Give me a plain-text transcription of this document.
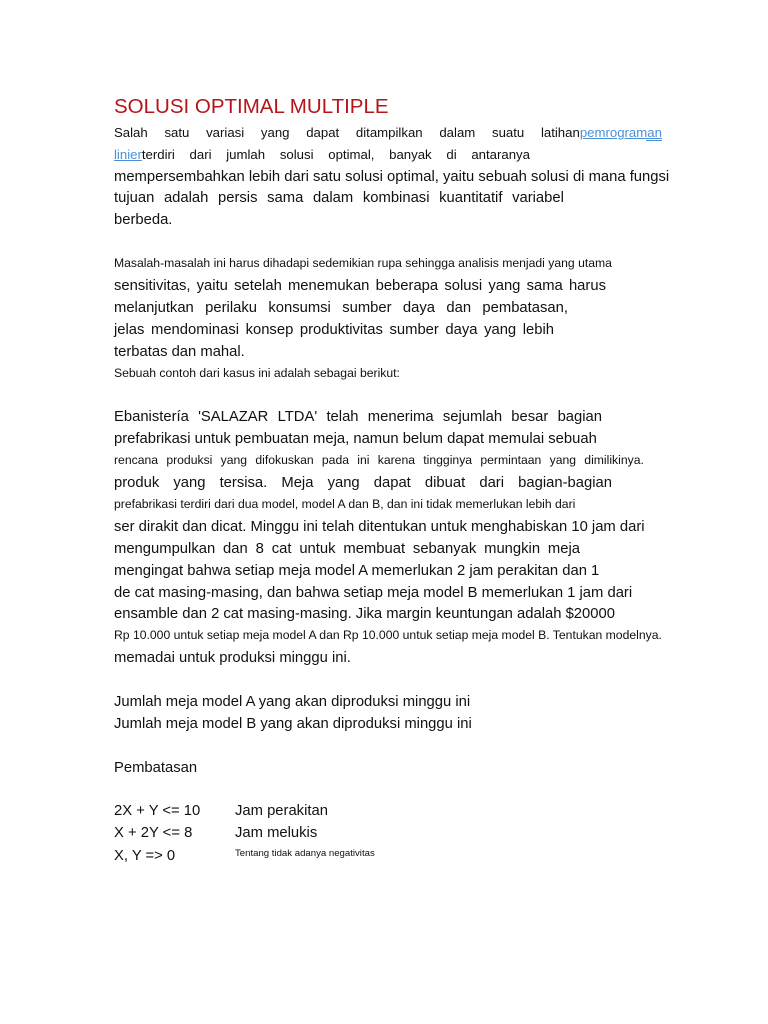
SOLUSI OPTIMAL MULTIPLE
Salah satu variasi yang dapat ditampilkan dalam suatu latihanpemrograman
linierterdiri dari jumlah solusi optimal, banyak di antaranya
mempersembahkan lebih dari satu solusi optimal, yaitu sebuah solusi di mana fungsi
tujuan adalah persis sama dalam kombinasi kuantitatif variabel
berbeda.
Masalah-masalah ini harus dihadapi sedemikian rupa sehingga analisis menjadi yang utama
sensitivitas, yaitu setelah menemukan beberapa solusi yang sama harus
melanjutkan perilaku konsumsi sumber daya dan pembatasan,
jelas mendominasi konsep produktivitas sumber daya yang lebih
terbatas dan mahal.
Sebuah contoh dari kasus ini adalah sebagai berikut:
Ebanistería 'SALAZAR LTDA' telah menerima sejumlah besar bagian
prefabrikasi untuk pembuatan meja, namun belum dapat memulai sebuah
rencana produksi yang difokuskan pada ini karena tingginya permintaan yang dimilikinya.
produk yang tersisa. Meja yang dapat dibuat dari bagian-bagian
prefabrikasi terdiri dari dua model, model A dan B, dan ini tidak memerlukan lebih dari
ser dirakit dan dicat. Minggu ini telah ditentukan untuk menghabiskan 10 jam dari
mengumpulkan dan 8 cat untuk membuat sebanyak mungkin meja
mengingat bahwa setiap meja model A memerlukan 2 jam perakitan dan 1
de cat masing-masing, dan bahwa setiap meja model B memerlukan 1 jam dari
ensamble dan 2 cat masing-masing. Jika margin keuntungan adalah $20000
Rp 10.000 untuk setiap meja model A dan Rp 10.000 untuk setiap meja model B. Tentukan modelnya.
memadai untuk produksi minggu ini.
Jumlah meja model A yang akan diproduksi minggu ini
Jumlah meja model B yang akan diproduksi minggu ini
Pembatasan
2X + Y <= 10 Jam perakitan
X + 2Y <= 8	Jam melukis
X, Y => 0	Tentang tidak adanya negativitas
